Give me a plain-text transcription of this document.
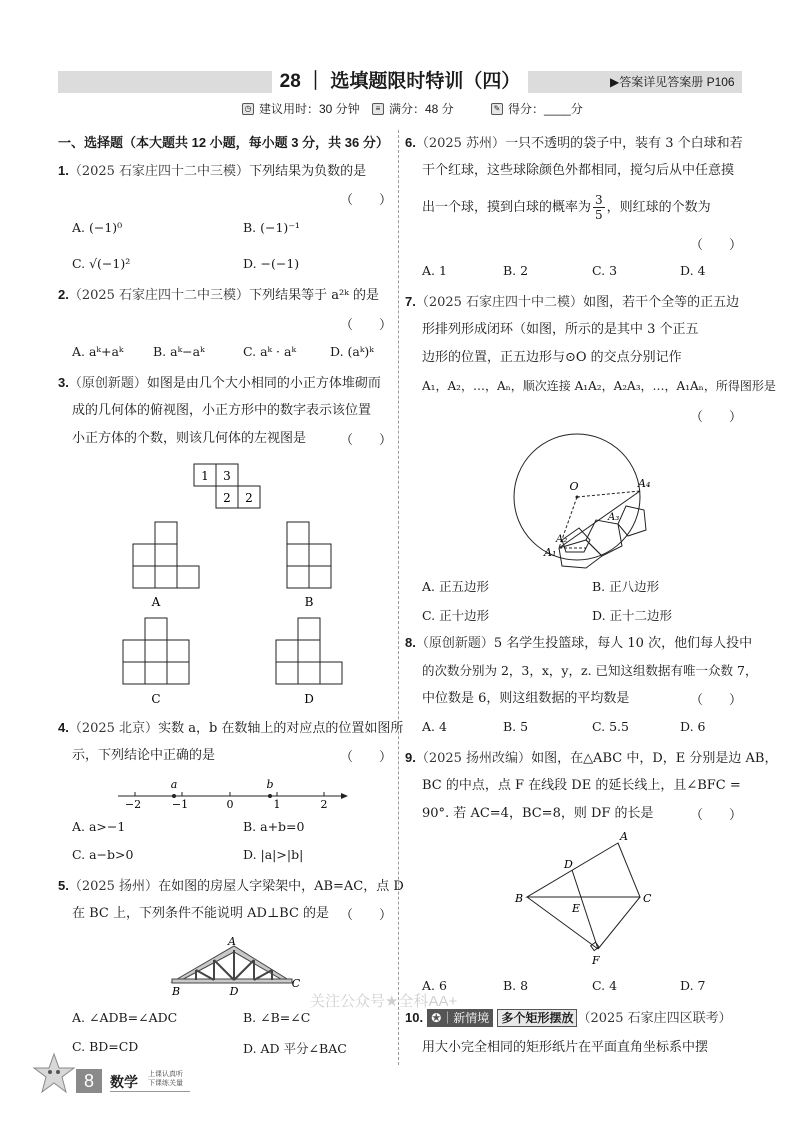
28 ｜ 选填题限时特训（四）	▶答案详见答案册 P106
◷ 建议用时：30 分钟	≡ 满分：48 分	✎ 得分：____分
一、选择题（本大题共 12 小题，每小题 3 分，共 36 分）
1.（2025 石家庄四十二中三模）下列结果为负数的是
（　　）
A. (−1)⁰	B. (−1)⁻¹
C. √(−1)²	D. −(−1)
2.（2025 石家庄四十二中三模）下列结果等于 a²ᵏ 的是
（　　）
A. aᵏ+aᵏ B. aᵏ−aᵏ	C. aᵏ · aᵏ	D. (aᵏ)ᵏ
3.（原创新题）如图是由几个大小相同的小正方体堆砌而
成的几何体的俯视图，小正方形中的数字表示该位置
小正方体的个数，则该几何体的左视图是	（　　）
1 3
2 2
A	B
C	D
4.（2025 北京）实数 a，b 在数轴上的对应点的位置如图所
示，下列结论中正确的是	（　　）
−2	−1	0	1	2
a	b
A. a>−1	B. a+b=0
C. a−b>0	D. |a|>|b|
5.（2025 扬州）在如图的房屋人字梁架中，AB=AC，点 D
在 BC 上，下列条件不能说明 AD⊥BC 的是 （　　）
A
B	D
C
A. ∠ADB=∠ADC	B. ∠B=∠C
C. BD=CD	D. AD 平分∠BAC
6.（2025 苏州）一只不透明的袋子中，装有 3 个白球和若
干个红球，这些球除颜色外都相同，搅匀后从中任意摸
出一个球，摸到白球的概率为 $\frac{3}{5}$ ，则红球的个数为
（　　）
A. 1	B. 2	C. 3	D. 4
7.（2025 石家庄四十中二模）如图，若干个全等的正五边
形排列形成闭环（如图，所示的是其中 3 个正五
边形的位置，正五边形与⊙O 的交点分别记作
A₁，A₂，…，Aₙ，顺次连接 A₁A₂，A₂A₃，…，A₁Aₙ，所得图形是
（　　）
O	A₄
A₂
A₃
A₁
A. 正五边形	B. 正八边形
C. 正十边形	D. 正十二边形
8.（原创新题）5 名学生投篮球，每人 10 次，他们每人投中
的次数分别为 2，3，x，y，z. 已知这组数据有唯一众数 7，
中位数是 6，则这组数据的平均数是	（　　）
A. 4	B. 5	C. 5.5	D. 6
9.（2025 扬州改编）如图，在△ABC 中，D，E 分别是边 AB，
BC 的中点，点 F 在线段 DE 的延长线上，且∠BFC =
90°. 若 AC=4，BC=8，则 DF 的长是	（　　）
A
D
B
E
C
F
A. 6	B. 8	C. 4	D. 7
10. ✪｜新情境 多个矩形摆放 （2025 石家庄四区联考）
用大小完全相同的矩形纸片在平面直角坐标系中摆
关注公众号★全科AA+
8	数学 上课认真听
下课练关量
